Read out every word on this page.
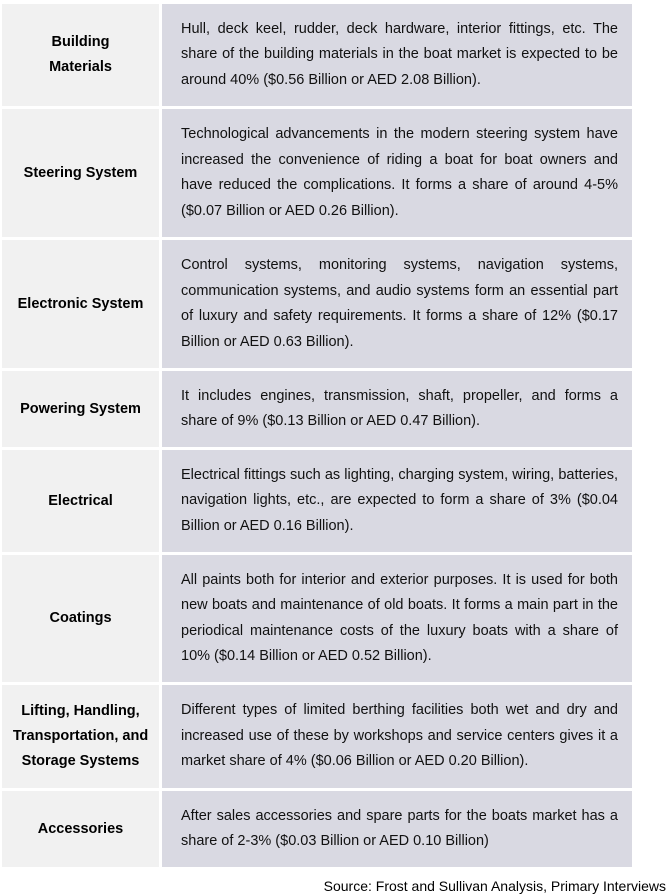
Building Materials
Hull, deck keel, rudder, deck hardware, interior fittings, etc. The share of the building materials in the boat market is expected to be around 40% ($0.56 Billion or AED 2.08 Billion).
Steering System
Technological advancements in the modern steering system have increased the convenience of riding a boat for boat owners and have reduced the complications. It forms a share of around 4-5% ($0.07 Billion or AED 0.26 Billion).
Electronic System
Control systems, monitoring systems, navigation systems, communication systems, and audio systems form an essential part of luxury and safety requirements. It forms a share of 12% ($0.17 Billion or AED 0.63 Billion).
Powering System
It includes engines, transmission, shaft, propeller, and forms a share of 9% ($0.13 Billion or AED 0.47 Billion).
Electrical
Electrical fittings such as lighting, charging system, wiring, batteries, navigation lights, etc., are expected to form a share of 3% ($0.04 Billion or AED 0.16 Billion).
Coatings
All paints both for interior and exterior purposes. It is used for both new boats and maintenance of old boats. It forms a main part in the periodical maintenance costs of the luxury boats with a share of 10% ($0.14 Billion or AED 0.52 Billion).
Lifting, Handling, Transportation, and Storage Systems
Different types of limited berthing facilities both wet and dry and increased use of these by workshops and service centers gives it a market share of 4% ($0.06 Billion or AED 0.20 Billion).
Accessories
After sales accessories and spare parts for the boats market has a share of 2-3% ($0.03 Billion or AED 0.10 Billion)
Source: Frost and Sullivan Analysis, Primary Interviews
